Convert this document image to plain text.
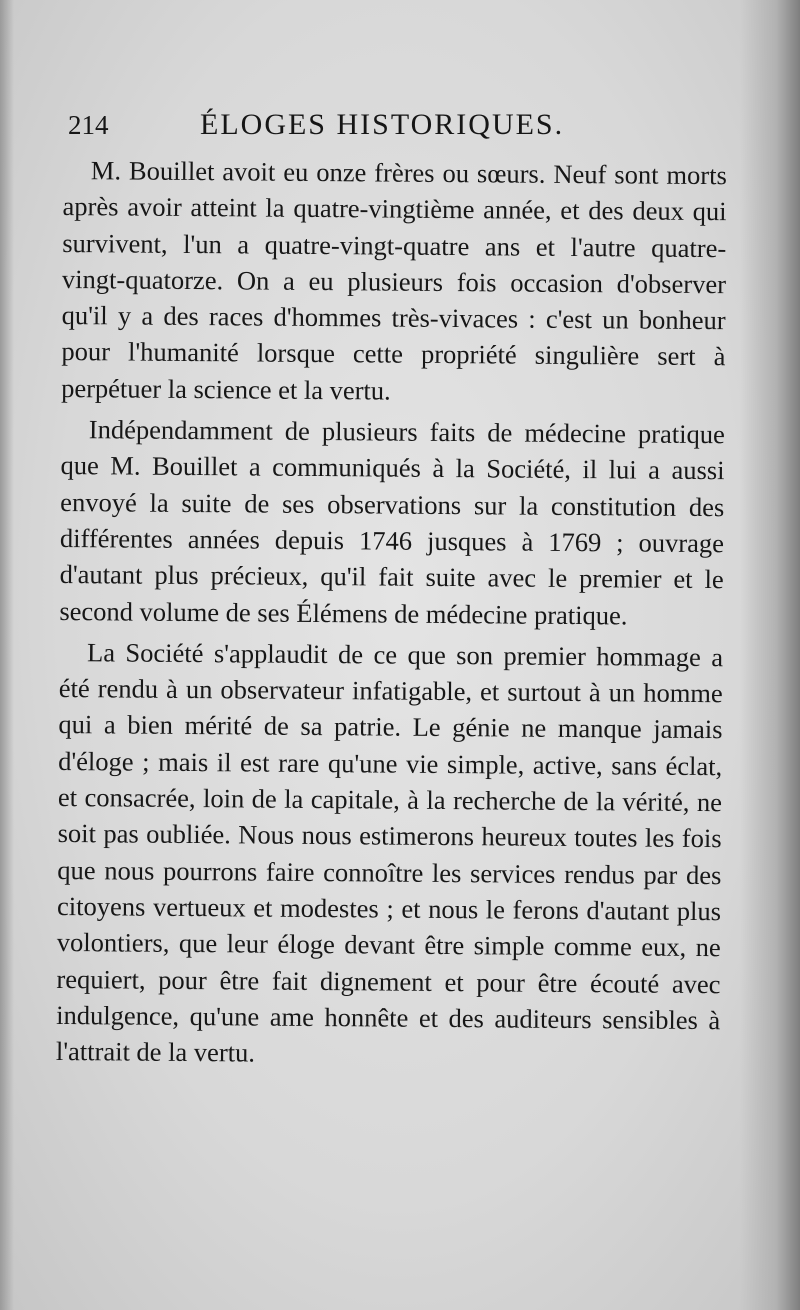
214	ÉLOGES HISTORIQUES.

M. Bouillet avoit eu onze frères ou sœurs. Neuf sont morts après avoir atteint la quatre-vingtième année, et des deux qui survivent, l'un a quatre-vingt-quatre ans et l'autre quatre-vingt-quatorze. On a eu plusieurs fois occasion d'observer qu'il y a des races d'hommes très-vivaces : c'est un bonheur pour l'humanité lorsque cette propriété singulière sert à perpétuer la science et la vertu.

Indépendamment de plusieurs faits de médecine pratique que M. Bouillet a communiqués à la Société, il lui a aussi envoyé la suite de ses observations sur la constitution des différentes années depuis 1746 jusques à 1769 ; ouvrage d'autant plus précieux, qu'il fait suite avec le premier et le second volume de ses Élémens de médecine pratique.

La Société s'applaudit de ce que son premier hommage a été rendu à un observateur infatigable, et surtout à un homme qui a bien mérité de sa patrie. Le génie ne manque jamais d'éloge ; mais il est rare qu'une vie simple, active, sans éclat, et consacrée, loin de la capitale, à la recherche de la vérité, ne soit pas oubliée. Nous nous estimerons heureux toutes les fois que nous pourrons faire connoître les services rendus par des citoyens vertueux et modestes ; et nous le ferons d'autant plus volontiers, que leur éloge devant être simple comme eux, ne requiert, pour être fait dignement et pour être écouté avec indulgence, qu'une ame honnête et des auditeurs sensibles à l'attrait de la vertu.
